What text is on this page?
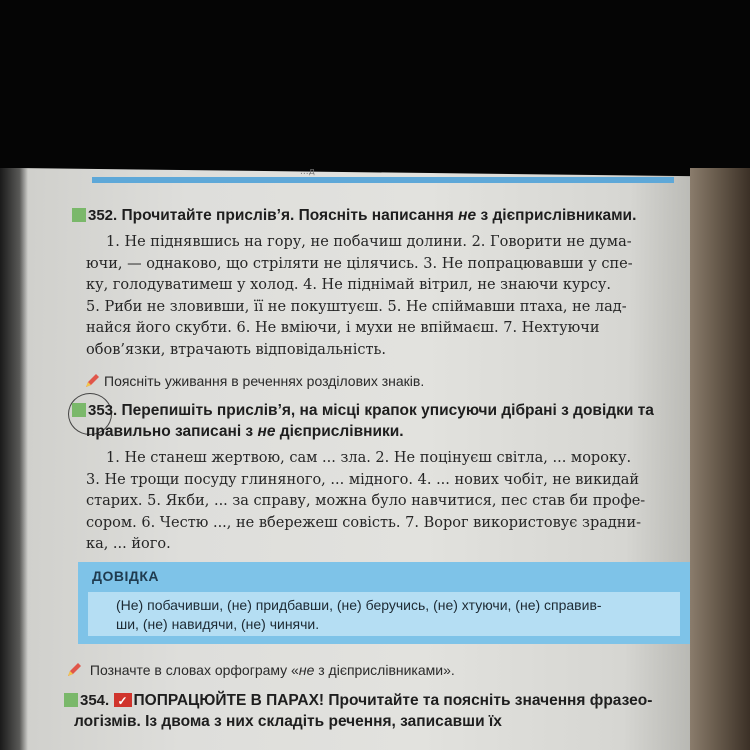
...д
352. Прочитайте прислів’я. Поясніть написання не з дієприслівниками.
1. Не піднявшись на гору, не побачиш долини. 2. Говорити не дума-
ючи, — однаково, що стріляти не цілячись. 3. Не попрацювавши у спе-
ку, голодуватимеш у холод. 4. Не піднімай вітрил, не знаючи курсу.
5. Риби не зловивши, її не покуштуєш. 5. Не спіймавши птаха, не лад-
найся його скубти. 6. Не вміючи, і мухи не впіймаєш. 7. Нехтуючи
обов’язки, втрачають відповідальність.
Поясніть уживання в реченнях розділових знаків.
353. Перепишіть прислів’я, на місці крапок уписуючи дібрані з довідки та
правильно записані з не дієприслівники.
1. Не станеш жертвою, сам ... зла. 2. Не поцінуєш світла, ... мороку.
3. Не трощи посуду глиняного, ... мідного. 4. ... нових чобіт, не викидай
старих. 5. Якби, ... за справу, можна було навчитися, пес став би профе-
сором. 6. Честю ..., не вбережеш совість. 7. Ворог використовує зрадни-
ка, ... його.
ДОВІДКА
(Не) побачивши, (не) придбавши, (не) беручись, (не) хтуючи, (не) справив-
ши, (не) навидячи, (не) чинячи.
Позначте в словах орфограму «не з дієприслівниками».
354. ✓ ПОПРАЦЮЙТЕ В ПАРАХ! Прочитайте та поясніть значення фразео-
логізмів. Із двома з них складіть речення, записавши їх
